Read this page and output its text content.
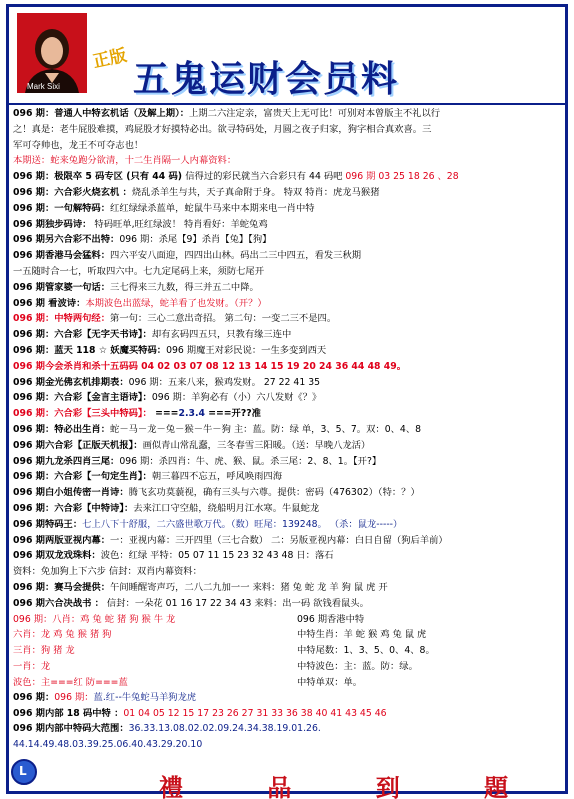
Mark Sixi
正版 五鬼运财会员料
096 期：普通人中特玄机话（及解上期）：上期二六注定亲，富贵天上无可比！可别对本曾版主不礼以行
之！真是：老牛屁股难摸，鸡屁股才好摸特必出。欲寻特码处，月圆之夜子归家，狗字相合真欢喜。三
军可夺帅也，龙王不可夺志也！
本期送：蛇来兔跑分欲清，十二生肖隔一人内幕资料：
096 期：极限卒 5 码专区 (只有 44 码) 信得过的彩民就当六合彩只有 44 码吧 096 期 03 25 18 26 、28
096 期：六合彩火烧玄机 ：烧乱杀羊生与共，天子真命附于身。 特双 特肖：虎龙马猴猪
096 期：一句解特码：红红绿绿杀蓝单，蛇鼠牛马来中本期来电一肖中特
096 期独步码诗： 特码旺单,旺红绿波！ 特肖看好：羊蛇兔鸡
096 期另六合彩不出特：096 期：杀尾【9】杀肖【兔】【狗】
096 期香港马会猛料：四六平安八面迎，四四出山林。码出二三中四五，看发三秋期
一五随时合一七，听取四六中。七九定尾码上来，须防七尾开
096 期管家婆一句话：三七得来三九数，得三并五二中降。
096 期 看波诗：本期波色出蓝绿，蛇羊看了也发财。（开？）
096 期：中特两句经：第一句：三心二意出奇招。 第二句：一变二三不是四。
096 期：六合彩【无字天书诗】：却有玄码四五只，只教有缘三连中
096 期：蓝天 118 ☆ 妖魔买特码：096 期魔王对彩民说：一生多变到西天
096 期今会杀肖和杀十五码码 04 02 03 07 08 12 13 14 15 19 20 24 36 44 48 49。
096 期金光佛玄机排期表：096 期：五来八来，猴鸡发财。 27 22 41 35
096 期：六合彩【金言主语诗】：096 期：羊狗必有（小）六八发财《？》
096 期：六合彩【三头中特码】： ===2.3.4 ===开??准
096 期：特必出生肖：蛇－马－龙－兔－猴－牛－狗 主：蓝。防：绿 单，3、5、7。双：0、4、8
096 期六合彩【正版天机报】：画似青山常乱蠢，三冬春雪三阳暖。（送：早晚八龙活）
096 期九龙杀四肖三尾：096 期：杀四肖：牛、虎、猴、鼠。杀三尾：2、8、1。【开?】
096 期：六合彩【一句定生肖】：朝三暮四不忘五，呼风唤雨四海
096 期白小姐传密一肖诗：腾飞玄功莫藐视，确有三头与六尊。提供：密码（476302）（特：？）
096 期：六合彩【中特诗】：去来江口守空船，绕船明月江水寒。牛鼠蛇龙
096 期特码王：七上八下十舒服，二六盛世歌万代。（数）旺尾：139248。 （杀：鼠龙-----）
096 期两版亚视内幕：一：亚视内幕：三开四里（三七合数） 二：另版亚视内幕：白日自留（狗后羊前）
096 期双龙戏珠料：波色：红绿 平特：05 07 11 15 23 32 43 48 日：落石
资料：免加狗上下六步 信封：双肖内幕资料：
096 期：赛马会提供：午间睡醒寄声巧，二八二九加一一 来料：猪 兔 蛇 龙 羊 狗 鼠 虎 开
096 期六合决战书 ： 信封：一朵花 01 16 17 22 34 43 来料：出一码 欲钱看鼠头。
096 期：八肖：鸡 兔 蛇 猪 狗 猴 牛 龙
六肖：龙 鸡 兔 猴 猪 狗
三肖：狗 猪 龙
一肖：龙
波色：主===红 防===蓝
096 期：096 期：蓝.红--牛兔蛇马羊狗龙虎
096 期香港中特
中特生肖：羊 蛇 猴 鸡 兔 鼠 虎
中特尾数：1、3、5、0、4、8。
中特波色：主：蓝。防：绿。
中特单双：单。
096 期内部 18 码中特 ：01 04 05 12 15 17 23 26 27 31 33 36 38 40 41 43 45 46
096 期内部中特码大范围：36.33.13.08.02.02.09.24.34.38.19.01.26.
44.14.49.48.03.39.25.06.40.43.29.20.10
L
禮 品 到 題
